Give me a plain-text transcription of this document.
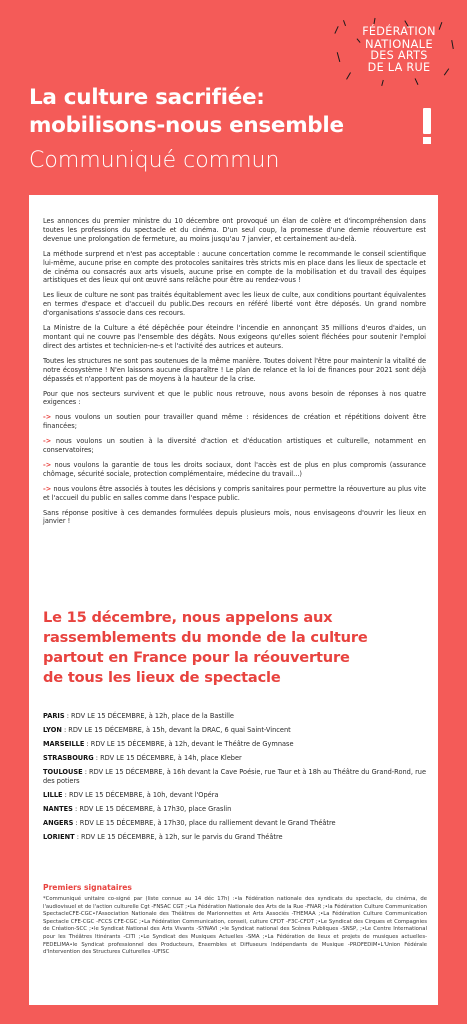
FÉDÉRATION
NATIONALE
DES ARTS
DE LA RUE
La culture sacrifiée:
mobilisons-nous ensemble
Communiqué commun

Les annonces du premier ministre du 10 décembre ont provoqué un élan de colère et d'incompréhension dans toutes les professions du spectacle et du cinéma. D'un seul coup, la promesse d'une demie réouverture est devenue une prolongation de fermeture, au moins jusqu'au 7 janvier, et certainement au-delà.

La méthode surprend et n'est pas acceptable : aucune concertation comme le recommande le conseil scientifique lui-même, aucune prise en compte des protocoles sanitaires très stricts mis en place dans les lieux de spectacle et de cinéma ou consacrés aux arts visuels, aucune prise en compte de la mobilisation et du travail des équipes artistiques et des lieux qui ont œuvré sans relâche pour être au rendez-vous !

Les lieux de culture ne sont pas traités équitablement avec les lieux de culte, aux conditions pourtant équivalentes en termes d'espace et d'accueil du public.Des recours en référé liberté vont être déposés. Un grand nombre d'organisations s'associe dans ces recours.

La Ministre de la Culture a été dépêchée pour éteindre l'incendie en annonçant 35 millions d'euros d'aides, un montant qui ne couvre pas l'ensemble des dégâts. Nous exigeons qu'elles soient fléchées pour soutenir l'emploi direct des artistes et technicien-ne-s et l'activité des autrices et auteurs.

Toutes les structures ne sont pas soutenues de la même manière. Toutes doivent l'être pour maintenir la vitalité de notre écosystème ! N'en laissons aucune disparaître ! Le plan de relance et la loi de finances pour 2021 sont déjà dépassés et n'apportent pas de moyens à la hauteur de la crise.

Pour que nos secteurs survivent et que le public nous retrouve, nous avons besoin de réponses à nos quatre exigences :

-> nous voulons un soutien pour travailler quand même : résidences de création et répétitions doivent être financées;

-> nous voulons un soutien à la diversité d'action et d'éducation artistiques et culturelle, notamment en conservatoires;

-> nous voulons la garantie de tous les droits sociaux, dont l'accès est de plus en plus compromis (assurance chômage, sécurité sociale, protection complémentaire, médecine du travail...)

-> nous voulons être associés à toutes les décisions y compris sanitaires pour permettre la réouverture au plus vite et l'accueil du public en salles comme dans l'espace public.

Sans réponse positive à ces demandes formulées depuis plusieurs mois, nous envisageons d'ouvrir les lieux en janvier !

Le 15 décembre, nous appelons aux
rassemblements du monde de la culture
partout en France pour la réouverture
de tous les lieux de spectacle
PARIS : RDV LE 15 DÉCEMBRE, à 12h, place de la Bastille
LYON : RDV LE 15 DÉCEMBRE, à 15h, devant la DRAC, 6 quai Saint-Vincent
MARSEILLE : RDV LE 15 DÉCEMBRE, à 12h, devant le Théâtre de Gymnase
STRASBOURG : RDV LE 15 DÉCEMBRE, à 14h, place Kleber
TOULOUSE : RDV LE 15 DÉCEMBRE, à 16h devant la Cave Poésie, rue Taur et à 18h au Théâtre du Grand-Rond, rue des potiers
LILLE : RDV LE 15 DÉCEMBRE, à 10h, devant l'Opéra
NANTES : RDV LE 15 DÉCEMBRE, à 17h30, place Graslin
ANGERS : RDV LE 15 DÉCEMBRE, à 17h30, place du ralliement devant le Grand Théâtre
LORIENT : RDV LE 15 DÉCEMBRE, à 12h, sur le parvis du Grand Théâtre
Premiers signataires
*Communiqué unitaire co-signé par (liste connue au 14 déc 17h) :•la Fédération nationale des syndicats du spectacle, du cinéma, de l'audiovisuel et de l'action culturelle Cgt -FNSAC CGT ;•La Fédération Nationale des Arts de la Rue -FNAR ;•la Fédération Culture Communication SpectacleCFE-CGC•l'Association Nationale des Théâtres de Marionnettes et Arts Associés -THEMAA ;•La Fédération Culture Communication Spectacle CFE-CGC -FCCS CFE-CGC ;•La Fédération Communication, conseil, culture CFDT -F3C-CFDT ;•Le Syndicat des Cirques et Compagnies de Création-SCC ;•le Syndicat National des Arts Vivants -SYNAVI ;•le Syndicat national des Scènes Publiques -SNSP, ;•Le Centre International pour les Théâtres Itinérants -CITI ;•Le Syndicat des Musiques Actuelles -SMA ;•La Fédération de lieux et projets de musiques actuelles-FEDELIMA•le Syndicat professionnel des Producteurs, Ensembles et Diffuseurs Indépendants de Musique -PROFEDIM•L'Union Fédérale d'Intervention des Structures Culturelles -UFISC
